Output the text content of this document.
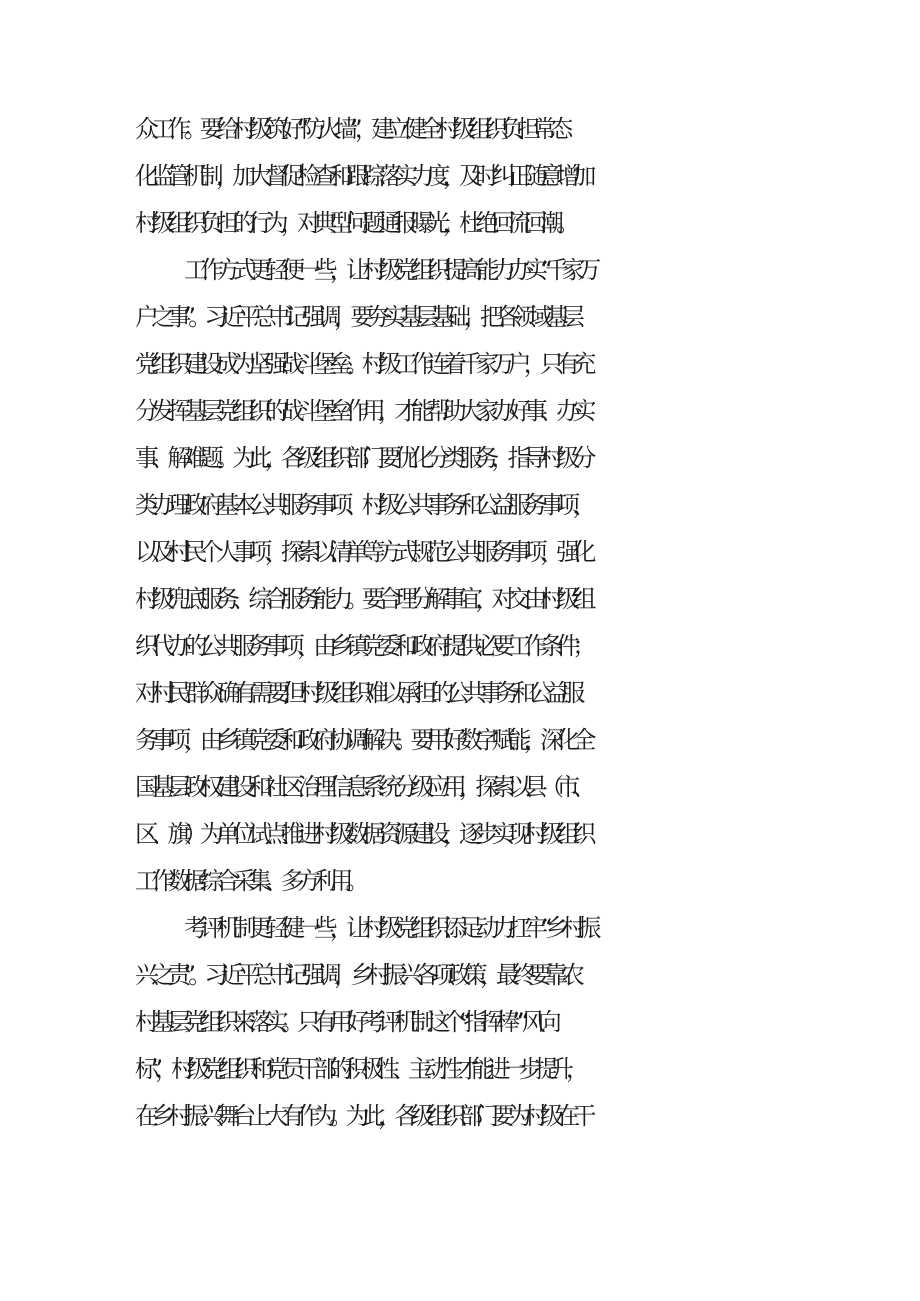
众工作。要给村级筑好“防火墙”，建立健全村级组织负担常态
化监管机制，加大督促检查和跟踪落实力度，及时纠正随意增加
村级组织负担的行为，对典型问题通报曝光，杜绝回流回潮。
工作方式更轻便一些，让村级党组织提高能力办实“千家万
户之事”。习近平总书记强调，要夯实基层基础，把各领域基层
党组织建设成为坚强战斗堡垒。村级工作连着千家万户，只有充
分发挥基层党组织的战斗堡垒作用，才能帮助大家办好事、办实
事、解难题。为此，各级组织部门要优化分类服务，指导村级分
类办理政府基本公共服务事项、村级公共事务和公益服务事项，
以及村民个人事项，探索以清单等方式规范公共服务事项，强化
村级兜底服务、综合服务能力。要合理分解事宜，对交由村级组
织代办的公共服务事项，由乡镇党委和政府提供必要工作条件；
对村民群众确有需要,但村级组织难以承担的公共事务和公益服
务事项，由乡镇党委和政府协调解决。要用好数字赋能，深化全
国基层政权建设和社区治理信息系统分级应用，探索以县（市、
区、旗）为单位试点推进村级数据资源建设，逐步实现村级组织
工作数据综合采集、多方利用。
考评机制更轻健一些，让村级党组织添足动力扛牢“乡村振
兴之责”。习近平总书记强调，乡村振兴各项政策，最终要靠农
村基层党组织来落实。只有用好考评机制这个“指挥棒”“风向
标”，村级党组织和党员干部的积极性、主动性才能进一步提升，
在乡村振兴舞台上大有作为。为此，各级组织部门要为村级在干
